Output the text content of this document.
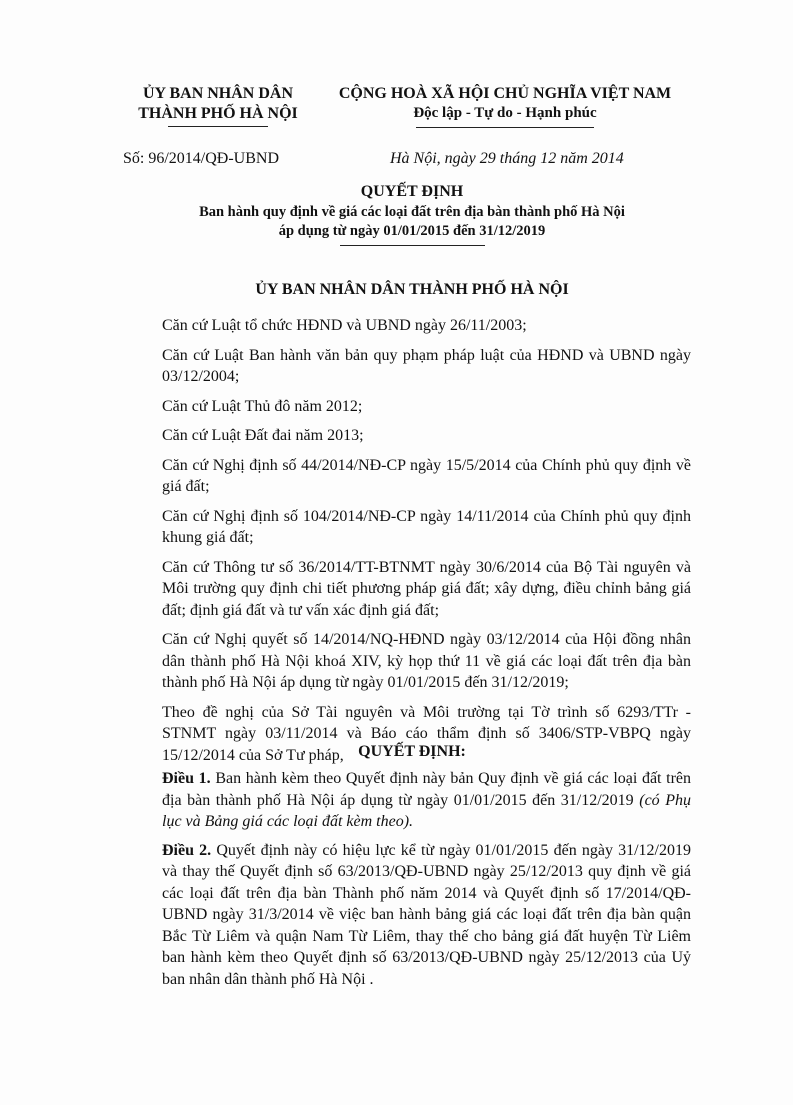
ỦY BAN NHÂN DÂN
THÀNH PHỐ HÀ NỘI
CỘNG HOÀ XÃ HỘI CHỦ NGHĨA VIỆT NAM
Độc lập - Tự do - Hạnh phúc
Số: 96/2014/QĐ-UBND	Hà Nội, ngày 29 tháng 12 năm 2014
QUYẾT ĐỊNH
Ban hành quy định về giá các loại đất trên địa bàn thành phố Hà Nội
áp dụng từ ngày 01/01/2015 đến 31/12/2019
ỦY BAN NHÂN DÂN THÀNH PHỐ HÀ NỘI
Căn cứ Luật tổ chức HĐND và UBND ngày 26/11/2003;
Căn cứ Luật Ban hành văn bản quy phạm pháp luật của HĐND và UBND ngày 03/12/2004;
Căn cứ Luật Thủ đô năm 2012;
Căn cứ Luật Đất đai năm 2013;
Căn cứ Nghị định số 44/2014/NĐ-CP ngày 15/5/2014 của Chính phủ quy định về giá đất;
Căn cứ Nghị định số 104/2014/NĐ-CP ngày 14/11/2014 của Chính phủ quy định khung giá đất;
Căn cứ Thông tư số 36/2014/TT-BTNMT ngày 30/6/2014 của Bộ Tài nguyên và Môi trường quy định chi tiết phương pháp giá đất; xây dựng, điều chỉnh bảng giá đất; định giá đất và tư vấn xác định giá đất;
Căn cứ Nghị quyết số 14/2014/NQ-HĐND ngày 03/12/2014 của Hội đồng nhân dân thành phố Hà Nội khoá XIV, kỳ họp thứ 11 về giá các loại đất trên địa bàn thành phố Hà Nội áp dụng từ ngày 01/01/2015 đến 31/12/2019;
Theo đề nghị của Sở Tài nguyên và Môi trường tại Tờ trình số 6293/TTr - STNMT ngày 03/11/2014 và Báo cáo thẩm định số 3406/STP-VBPQ ngày 15/12/2014 của Sở Tư pháp, QUYẾT ĐỊNH:
Điều 1. Ban hành kèm theo Quyết định này bản Quy định về giá các loại đất trên địa bàn thành phố Hà Nội áp dụng từ ngày 01/01/2015 đến 31/12/2019 (có Phụ lục và Bảng giá các loại đất kèm theo).
Điều 2. Quyết định này có hiệu lực kể từ ngày 01/01/2015 đến ngày 31/12/2019 và thay thế Quyết định số 63/2013/QĐ-UBND ngày 25/12/2013 quy định về giá các loại đất trên địa bàn Thành phố năm 2014 và Quyết định số 17/2014/QĐ-UBND ngày 31/3/2014 về việc ban hành bảng giá các loại đất trên địa bàn quận Bắc Từ Liêm và quận Nam Từ Liêm, thay thế cho bảng giá đất huyện Từ Liêm ban hành kèm theo Quyết định số 63/2013/QĐ-UBND ngày 25/12/2013 của Uỷ ban nhân dân thành phố Hà Nội .
